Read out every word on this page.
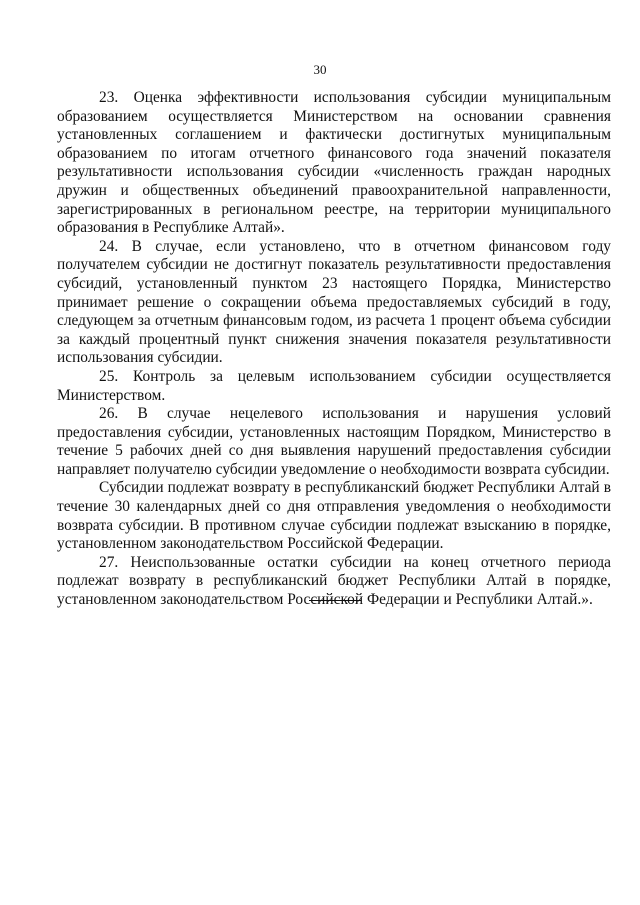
30

23. Оценка эффективности использования субсидии муниципальным образованием осуществляется Министерством на основании сравнения установленных соглашением и фактически достигнутых муниципальным образованием по итогам отчетного финансового года значений показателя результативности использования субсидии «численность граждан народных дружин и общественных объединений правоохранительной направленности, зарегистрированных в региональном реестре, на территории муниципального образования в Республике Алтай».

24. В случае, если установлено, что в отчетном финансовом году получателем субсидии не достигнут показатель результативности предоставления субсидий, установленный пунктом 23 настоящего Порядка, Министерство принимает решение о сокращении объема предоставляемых субсидий в году, следующем за отчетным финансовым годом, из расчета 1 процент объема субсидии за каждый процентный пункт снижения значения показателя результативности использования субсидии.

25. Контроль за целевым использованием субсидии осуществляется Министерством.

26. В случае нецелевого использования и нарушения условий предоставления субсидии, установленных настоящим Порядком, Министерство в течение 5 рабочих дней со дня выявления нарушений предоставления субсидии направляет получателю субсидии уведомление о необходимости возврата субсидии.

Субсидии подлежат возврату в республиканский бюджет Республики Алтай в течение 30 календарных дней со дня отправления уведомления о необходимости возврата субсидии. В противном случае субсидии подлежат взысканию в порядке, установленном законодательством Российской Федерации.

27. Неиспользованные остатки субсидии на конец отчетного периода подлежат возврату в республиканский бюджет Республики Алтай в порядке, установленном законодательством Российской Федерации и Республики Алтай.».
